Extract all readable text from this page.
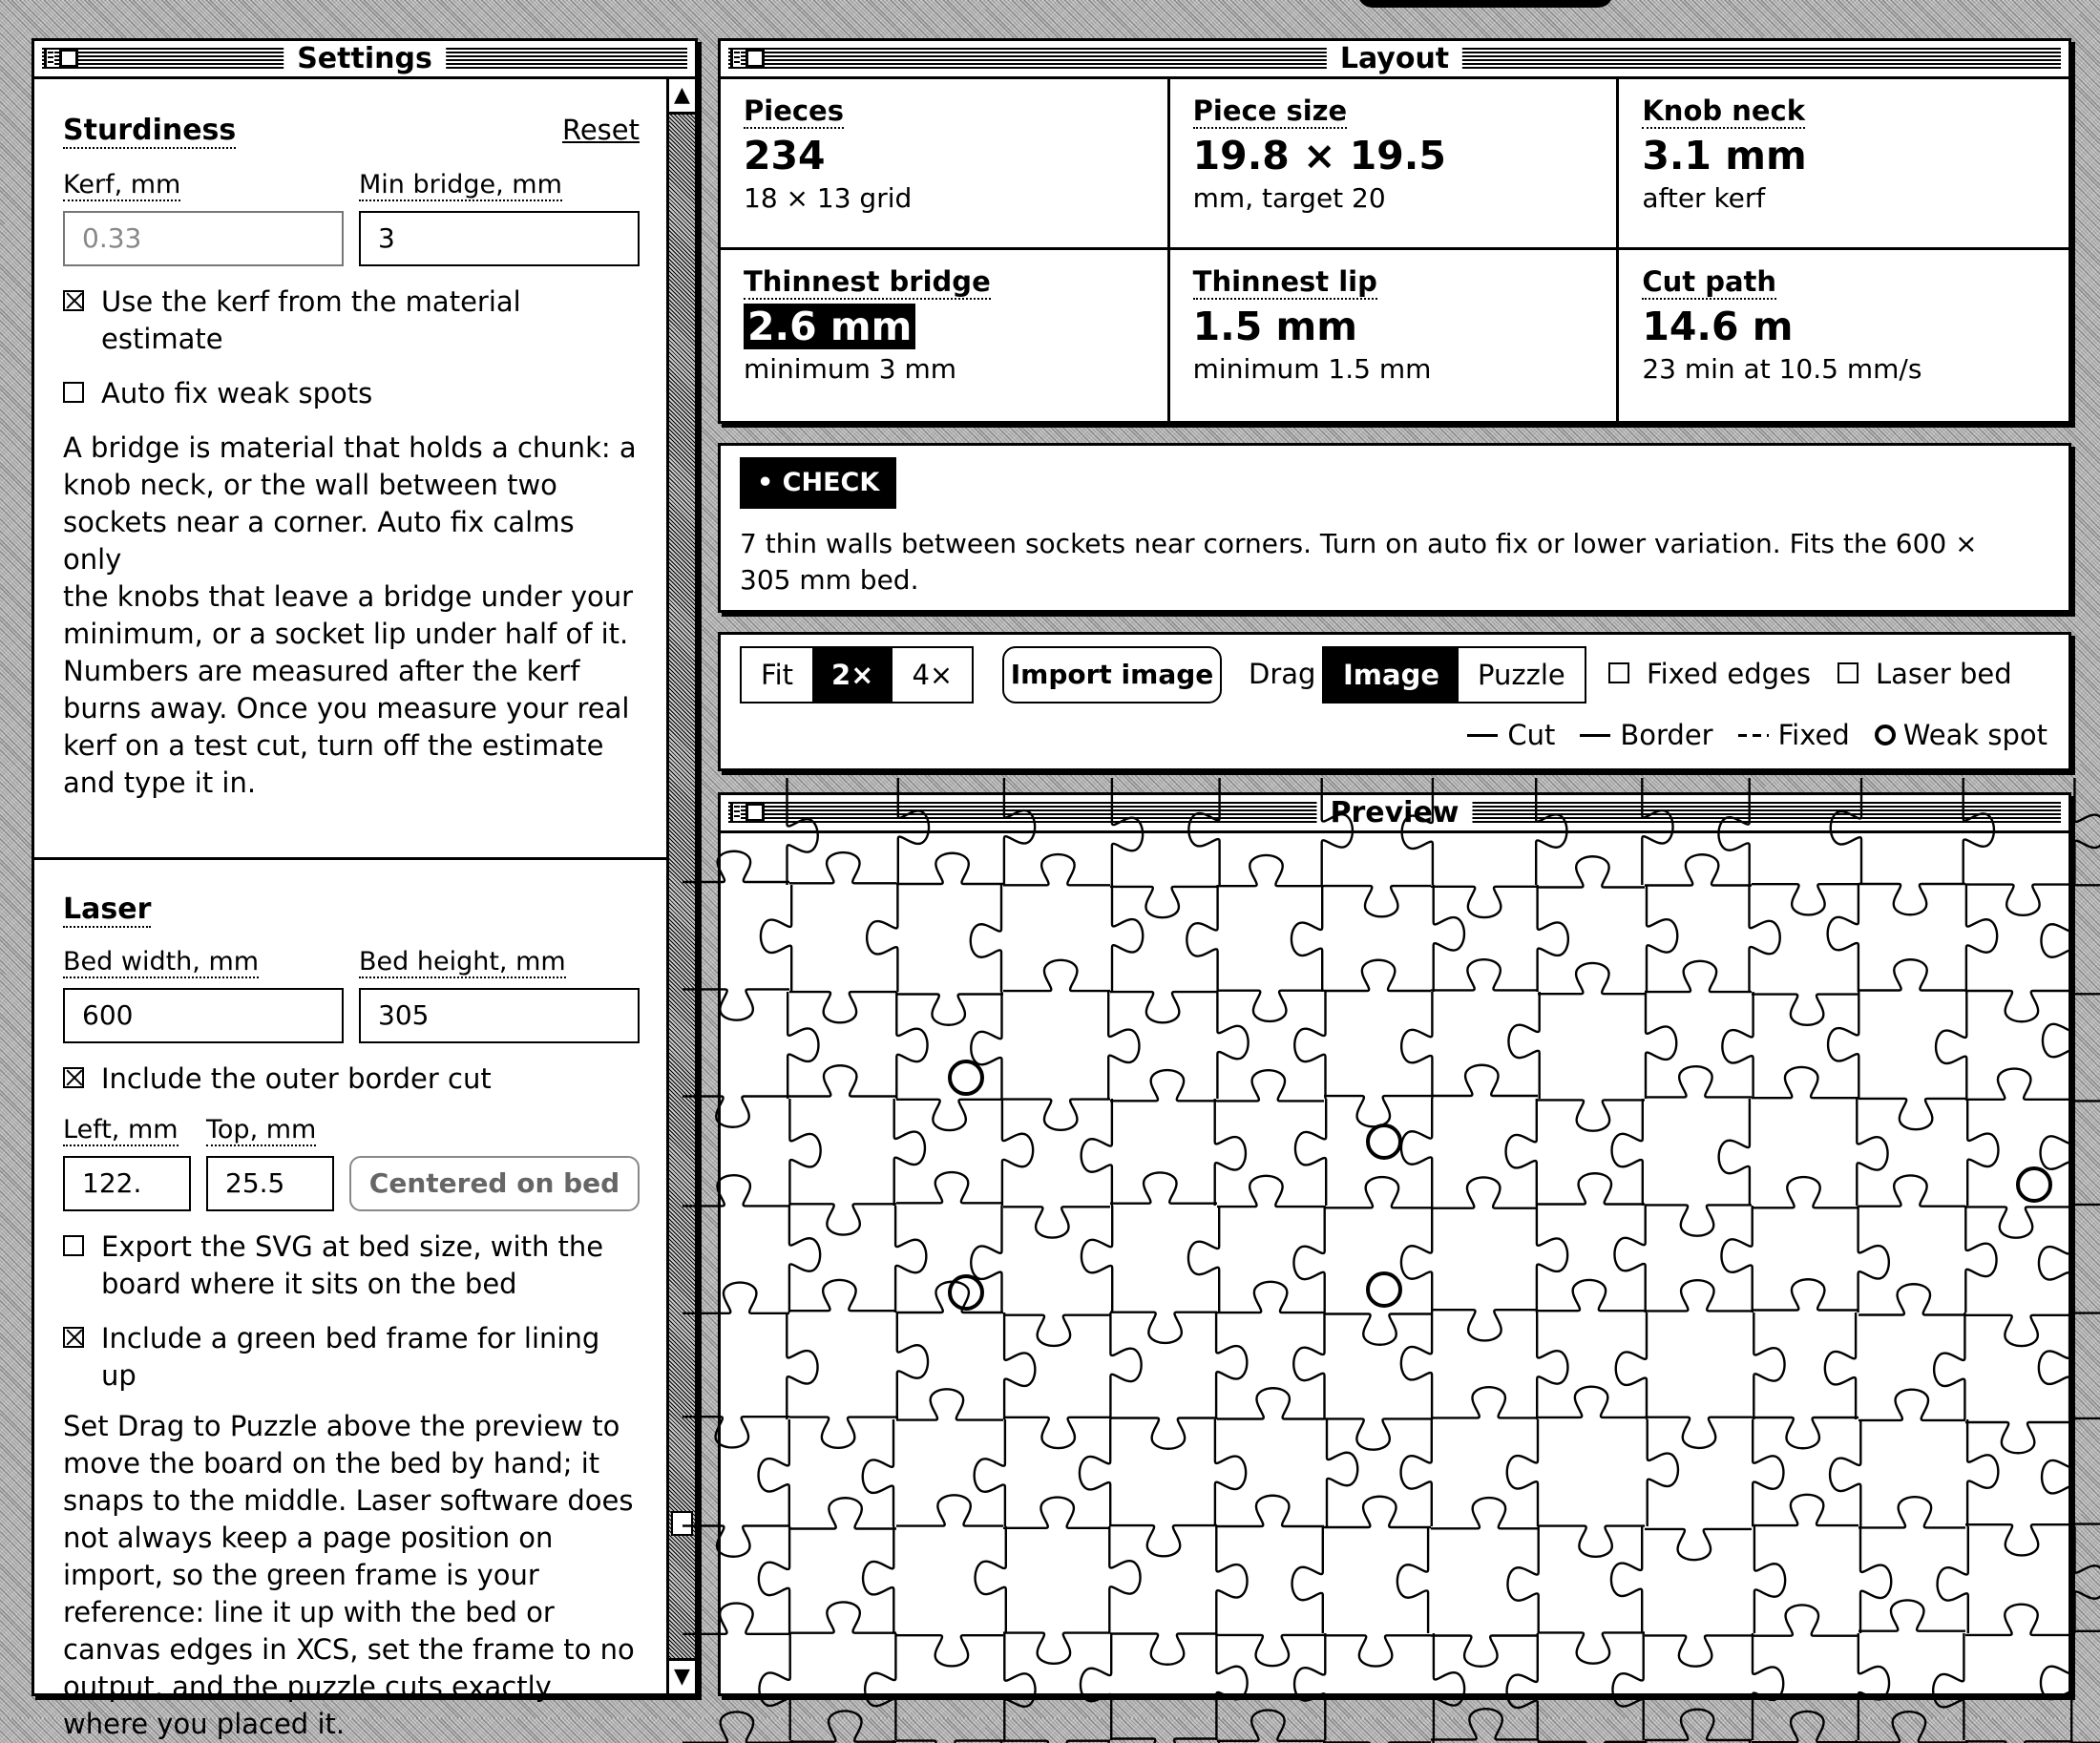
Settings
Sturdiness	Reset
Kerf, mm
0.33
Min bridge, mm
3
Use the kerf from the material
estimate
Auto fix weak spots
A bridge is material that holds a chunk: a
knob neck, or the wall between two
sockets near a corner. Auto fix calms only
the knobs that leave a bridge under your
minimum, or a socket lip under half of it.
Numbers are measured after the kerf
burns away. Once you measure your real
kerf on a test cut, turn off the estimate
and type it in.
Laser
Bed width, mm
600
Bed height, mm
305
Include the outer border cut
Left, mm
122.
Top, mm
25.5	Centered on bed
Export the SVG at bed size, with the
board where it sits on the bed
Include a green bed frame for lining up
Set Drag to Puzzle above the preview to
move the board on the bed by hand; it
snaps to the middle. Laser software does
not always keep a page position on
import, so the green frame is your
reference: line it up with the bed or
canvas edges in XCS, set the frame to no
output, and the puzzle cuts exactly
where you placed it.
▲
▼
Layout
Pieces
234
18 × 13 grid
Piece size
19.8 × 19.5
mm, target 20
Knob neck
3.1 mm
after kerf
Thinnest bridge
2.6 mm
minimum 3 mm
Thinnest lip
1.5 mm
minimum 1.5 mm
Cut path
14.6 m
23 min at 10.5 mm/s
• CHECK
7 thin walls between sockets near corners. Turn on auto fix or lower variation. Fits the 600 ×
305 mm bed.
Fit	2×	4×	Import image	Drag Image	Puzzle	Fixed edges	Laser bed
Cut Border Fixed Weak spot
Preview
